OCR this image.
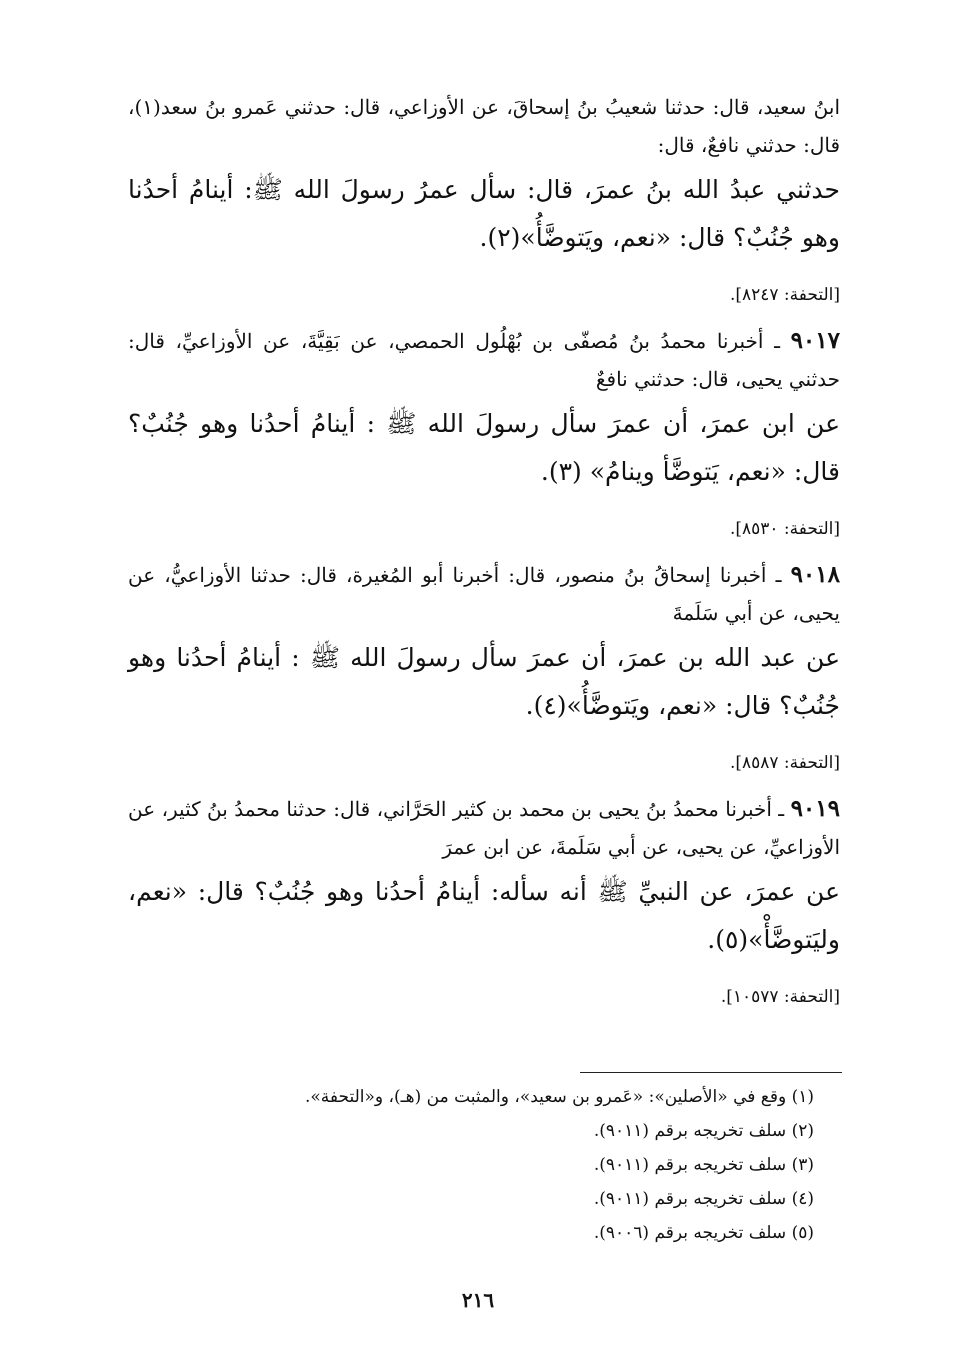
ابنُ سعيد، قال: حدثنا شعيبُ بنُ إسحاقَ، عن الأوزاعي، قال: حدثني عَمرو بنُ سعد(١)، قال: حدثني نافعٌ، قال:

حدثني عبدُ الله بنُ عمرَ، قال: سأل عمرُ رسولَ الله ﷺ: أينامُ أحدُنا وهو جُنُبٌ؟ قال: «نعم، ويَتوضَّأُ»(٢).

[التحفة: ٨٢٤٧].

٩٠١٧ ـ أخبرنا محمدُ بنُ مُصفّى بن بُهْلُول الحمصي، عن بَقِيَّةَ، عن الأوزاعيِّ، قال: حدثني يحيى، قال: حدثني نافعٌ

عن ابن عمرَ، أن عمرَ سأل رسولَ الله ﷺ : أينامُ أحدُنا وهو جُنُبٌ؟ قال: «نعم، يَتوضَّأ وينامُ» (٣).

[التحفة: ٨٥٣٠].

٩٠١٨ ـ أخبرنا إسحاقُ بنُ منصور، قال: أخبرنا أبو المُغيرة، قال: حدثنا الأوزاعيُّ، عن يحيى، عن أبي سَلَمةَ

عن عبد الله بن عمرَ، أن عمرَ سأل رسولَ الله ﷺ : أينامُ أحدُنا وهو جُنُبٌ؟ قال: «نعم، ويَتوضَّأُ»(٤).

[التحفة: ٨٥٨٧].

٩٠١٩ ـ أخبرنا محمدُ بنُ يحيى بن محمد بن كثير الحَرَّاني، قال: حدثنا محمدُ بنُ كثير، عن الأوزاعيِّ، عن يحيى، عن أبي سَلَمةَ، عن ابن عمرَ

عن عمرَ، عن النبيِّ ﷺ أنه سأله: أينامُ أحدُنا وهو جُنُبٌ؟ قال: «نعم، وليَتوضَّأْ»(٥).

[التحفة: ١٠٥٧٧].

(١) وقع في «الأصلين»: «عَمرو بن سعيد»، والمثبت من (هـ)، و«التحفة».
(٢) سلف تخريجه برقم (٩٠١١).
(٣) سلف تخريجه برقم (٩٠١١).
(٤) سلف تخريجه برقم (٩٠١١).
(٥) سلف تخريجه برقم (٩٠٠٦).
٢١٦
